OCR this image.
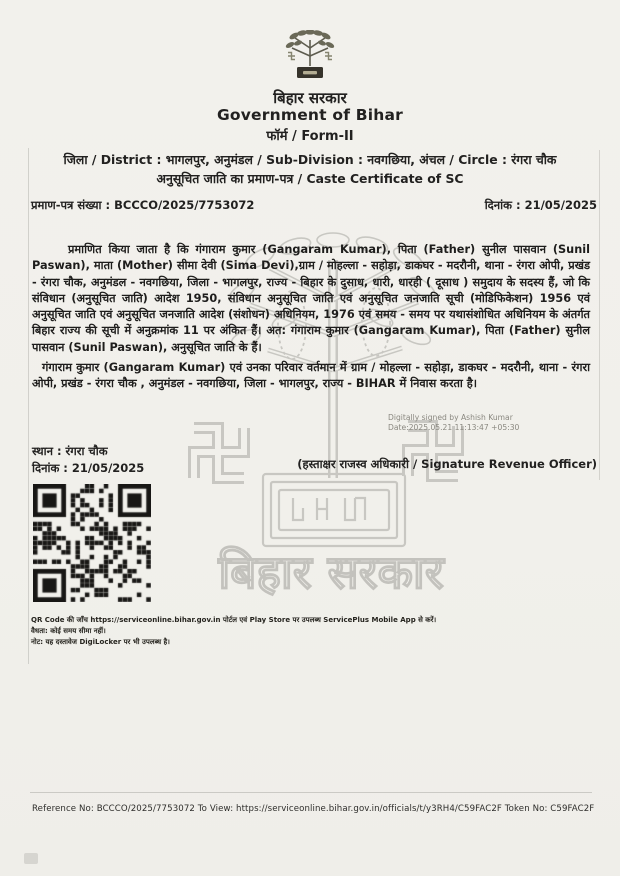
बिहार सरकार
बिहार सरकार
Government of Bihar
फॉर्म / Form-II
जिला / District : भागलपुर, अनुमंडल / Sub-Division : नवगछिया, अंचल / Circle : रंगरा चौक
अनुसूचित जाति का प्रमाण-पत्र / Caste Certificate of SC
प्रमाण-पत्र संख्या : BCCCO/2025/7753072	दिनांक : 21/05/2025
प्रमाणित किया जाता है कि गंगाराम कुमार (Gangaram Kumar), पिता (Father) सुनील पासवान (Sunil Paswan), माता (Mother) सीमा देवी (Sima Devi),ग्राम / मोहल्ला - सहोड़ा, डाकघर - मदरौनी, थाना - रंगरा ओपी, प्रखंड - रंगरा चौक, अनुमंडल - नवगछिया, जिला - भागलपुर, राज्य - बिहार के दुसाध, धारी, धारही ( दूसाध ) समुदाय के सदस्य हैं, जो कि संविधान (अनुसूचित जाति) आदेश 1950, संविधान अनुसूचित जाति एवं अनुसूचित जनजाति सूची (मोडिफिकेशन) 1956 एवं अनुसूचित जाति एवं अनुसूचित जनजाति आदेश (संशोधन) अधिनियम, 1976 एवं समय - समय पर यथासंशोधित अधिनियम के अंतर्गत बिहार राज्य की सूची में अनुक्रमांक 11 पर अंकित हैं। अत: गंगाराम कुमार (Gangaram Kumar), पिता (Father) सुनील पासवान (Sunil Paswan), अनुसूचित जाति के हैं।
गंगाराम कुमार (Gangaram Kumar) एवं उनका परिवार वर्तमान में ग्राम / मोहल्ला - सहोड़ा, डाकघर - मदरौनी, थाना - रंगरा ओपी, प्रखंड - रंगरा चौक , अनुमंडल - नवगछिया, जिला - भागलपुर, राज्य - BIHAR में निवास करता है।
Digitally signed by Ashish Kumar
Date:2025.05.21 11:13:47 +05:30
(हस्ताक्षर राजस्व अधिकारी / Signature Revenue Officer)
स्थान : रंगरा चौक
दिनांक : 21/05/2025
QR Code की जाँच https://serviceonline.bihar.gov.in पोर्टल एवं Play Store पर उपलब्ध ServicePlus Mobile App से करें।
वैधता: कोई समय सीमा नहीं।
नोट: यह दस्तावेज DigiLocker पर भी उपलब्ध है।
Reference No: BCCCO/2025/7753072 To View: https://serviceonline.bihar.gov.in/officials/t/y3RH4/C59FAC2F Token No: C59FAC2F
